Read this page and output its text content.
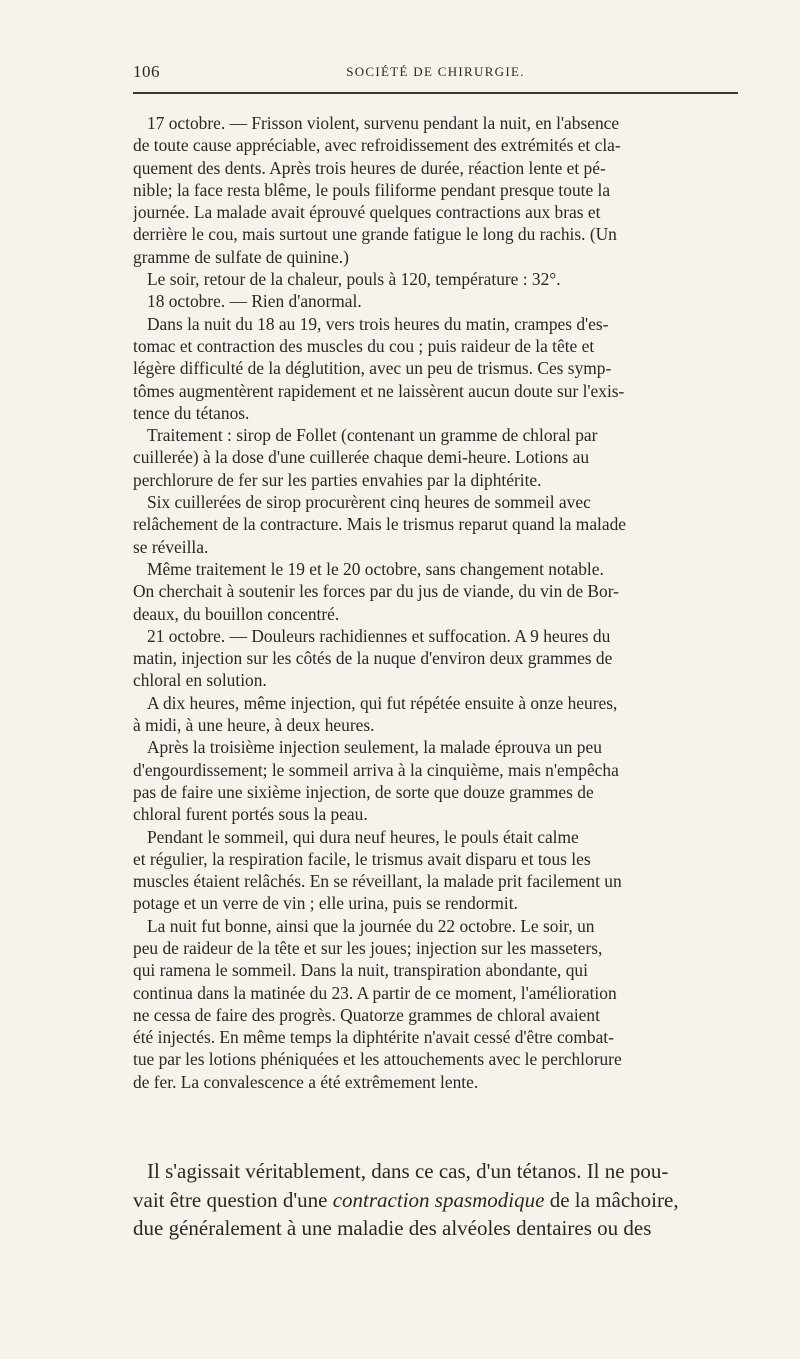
106	SOCIÉTÉ DE CHIRURGIE.
17 octobre. — Frisson violent, survenu pendant la nuit, en l'absence
de toute cause appréciable, avec refroidissement des extrémités et cla-
quement des dents. Après trois heures de durée, réaction lente et pé-
nible; la face resta blême, le pouls filiforme pendant presque toute la
journée. La malade avait éprouvé quelques contractions aux bras et
derrière le cou, mais surtout une grande fatigue le long du rachis. (Un
gramme de sulfate de quinine.)
Le soir, retour de la chaleur, pouls à 120, température : 32°.
18 octobre. — Rien d'anormal.
Dans la nuit du 18 au 19, vers trois heures du matin, crampes d'es-
tomac et contraction des muscles du cou ; puis raideur de la tête et
légère difficulté de la déglutition, avec un peu de trismus. Ces symp-
tômes augmentèrent rapidement et ne laissèrent aucun doute sur l'exis-
tence du tétanos.
Traitement : sirop de Follet (contenant un gramme de chloral par
cuillerée) à la dose d'une cuillerée chaque demi-heure. Lotions au
perchlorure de fer sur les parties envahies par la diphtérite.
Six cuillerées de sirop procurèrent cinq heures de sommeil avec
relâchement de la contracture. Mais le trismus reparut quand la malade
se réveilla.
Même traitement le 19 et le 20 octobre, sans changement notable.
On cherchait à soutenir les forces par du jus de viande, du vin de Bor-
deaux, du bouillon concentré.
21 octobre. — Douleurs rachidiennes et suffocation. A 9 heures du
matin, injection sur les côtés de la nuque d'environ deux grammes de
chloral en solution.
A dix heures, même injection, qui fut répétée ensuite à onze heures,
à midi, à une heure, à deux heures.
Après la troisième injection seulement, la malade éprouva un peu
d'engourdissement; le sommeil arriva à la cinquième, mais n'empêcha
pas de faire une sixième injection, de sorte que douze grammes de
chloral furent portés sous la peau.
Pendant le sommeil, qui dura neuf heures, le pouls était calme
et régulier, la respiration facile, le trismus avait disparu et tous les
muscles étaient relâchés. En se réveillant, la malade prit facilement un
potage et un verre de vin ; elle urina, puis se rendormit.
La nuit fut bonne, ainsi que la journée du 22 octobre. Le soir, un
peu de raideur de la tête et sur les joues; injection sur les masseters,
qui ramena le sommeil. Dans la nuit, transpiration abondante, qui
continua dans la matinée du 23. A partir de ce moment, l'amélioration
ne cessa de faire des progrès. Quatorze grammes de chloral avaient
été injectés. En même temps la diphtérite n'avait cessé d'être combat-
tue par les lotions phéniquées et les attouchements avec le perchlorure
de fer. La convalescence a été extrêmement lente.
Il s'agissait véritablement, dans ce cas, d'un tétanos. Il ne pou-
vait être question d'une contraction spasmodique de la mâchoire,
due généralement à une maladie des alvéoles dentaires ou des
